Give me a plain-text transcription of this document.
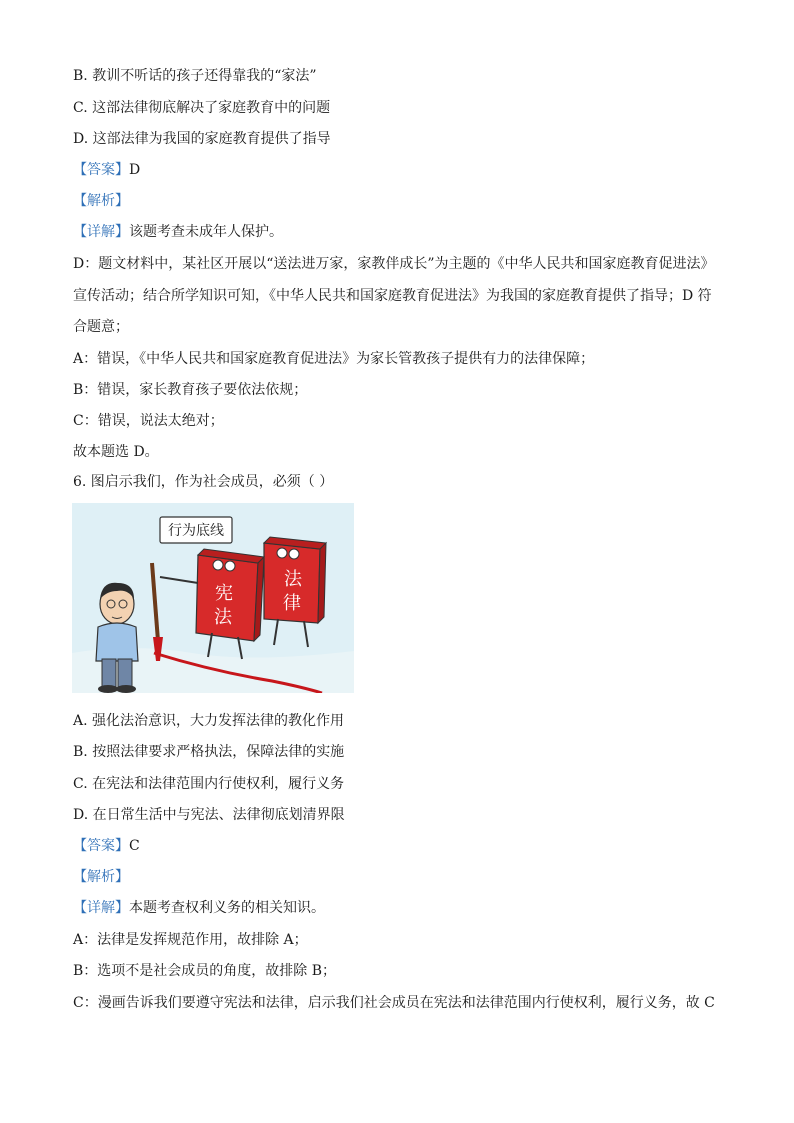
B. 教训不听话的孩子还得靠我的“家法”
C. 这部法律彻底解决了家庭教育中的问题
D. 这部法律为我国的家庭教育提供了指导
【答案】D
【解析】
【详解】该题考查未成年人保护。
D：题文材料中，某社区开展以“送法进万家，家教伴成长”为主题的《中华人民共和国家庭教育促进法》
宣传活动；结合所学知识可知，《中华人民共和国家庭教育促进法》为我国的家庭教育提供了指导；D 符
合题意；
A：错误，《中华人民共和国家庭教育促进法》为家长管教孩子提供有力的法律保障；
B：错误，家长教育孩子要依法依规；
C：错误，说法太绝对；
故本题选 D。
6. 图启示我们，作为社会成员，必须（ ）
行为底线
法
律
宪
法
A. 强化法治意识，大力发挥法律的教化作用
B. 按照法律要求严格执法，保障法律的实施
C. 在宪法和法律范围内行使权利，履行义务
D. 在日常生活中与宪法、法律彻底划清界限
【答案】C
【解析】
【详解】本题考查权利义务的相关知识。
A：法律是发挥规范作用，故排除 A；
B：选项不是社会成员的角度，故排除 B；
C：漫画告诉我们要遵守宪法和法律，启示我们社会成员在宪法和法律范围内行使权利，履行义务，故 C
